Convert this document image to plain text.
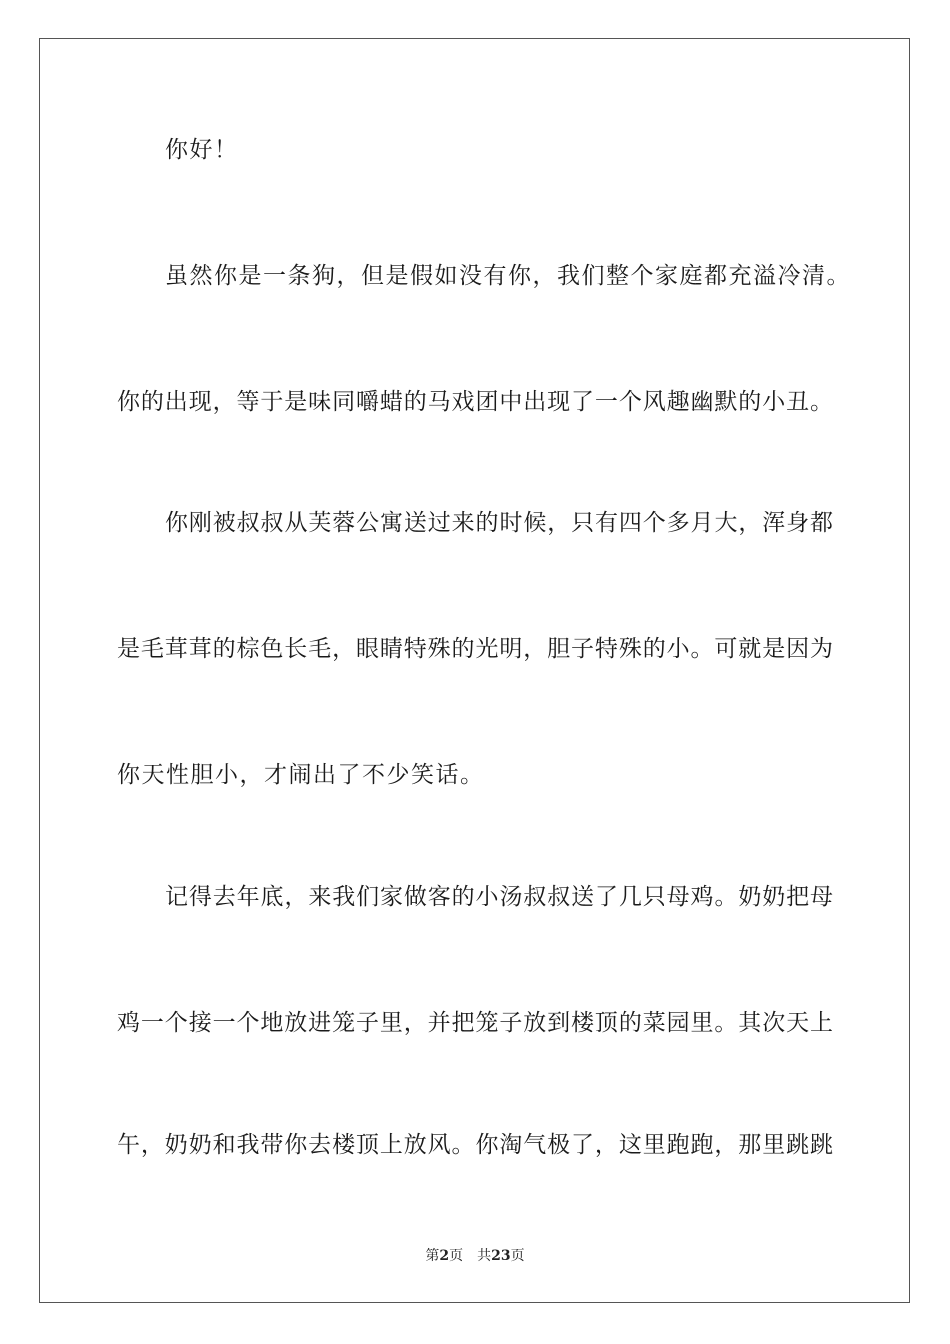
你好！
虽然你是一条狗，但是假如没有你，我们整个家庭都充溢冷清。
你的出现，等于是味同嚼蜡的马戏团中出现了一个风趣幽默的小丑。
你刚被叔叔从芙蓉公寓送过来的时候，只有四个多月大，浑身都
是毛茸茸的棕色长毛，眼睛特殊的光明，胆子特殊的小。可就是因为
你天性胆小，才闹出了不少笑话。
记得去年底，来我们家做客的小汤叔叔送了几只母鸡。奶奶把母
鸡一个接一个地放进笼子里，并把笼子放到楼顶的菜园里。其次天上
午，奶奶和我带你去楼顶上放风。你淘气极了，这里跑跑，那里跳跳
第2页 共23页
